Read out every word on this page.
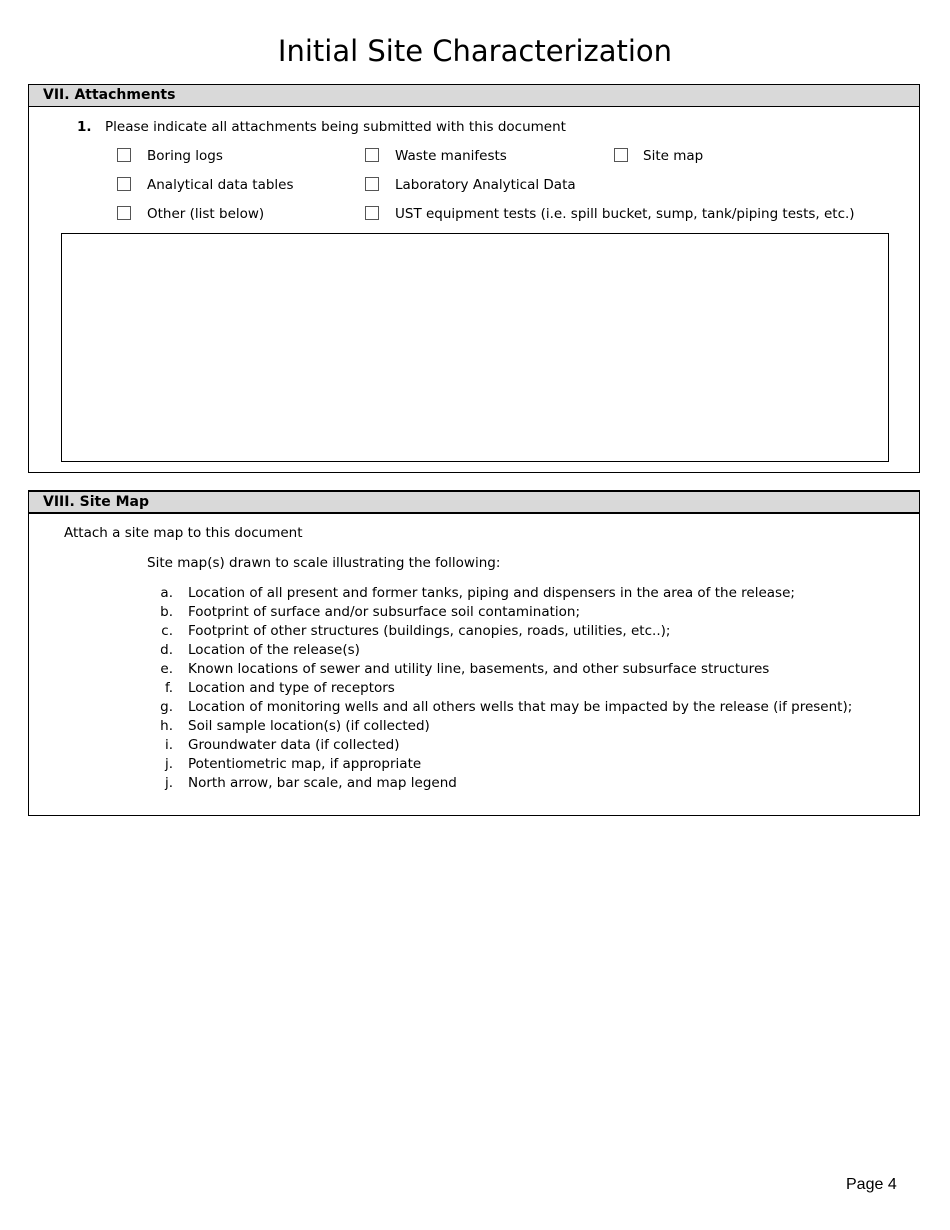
Initial Site Characterization
VII. Attachments
1. Please indicate all attachments being submitted with this document
Boring logs	Waste manifests	Site map
Analytical data tables	Laboratory Analytical Data
Other (list below)	UST equipment tests (i.e. spill bucket, sump, tank/piping tests, etc.)
VIII. Site Map
Attach a site map to this document
Site map(s) drawn to scale illustrating the following:
a. Location of all present and former tanks, piping and dispensers in the area of the release;
b. Footprint of surface and/or subsurface soil contamination;
c. Footprint of other structures (buildings, canopies, roads, utilities, etc..);
d. Location of the release(s)
e. Known locations of sewer and utility line, basements, and other subsurface structures
f. Location and type of receptors
g. Location of monitoring wells and all others wells that may be impacted by the release (if present);
h. Soil sample location(s) (if collected)
i. Groundwater data (if collected)
j. Potentiometric map, if appropriate
j. North arrow, bar scale, and map legend
Page 4
